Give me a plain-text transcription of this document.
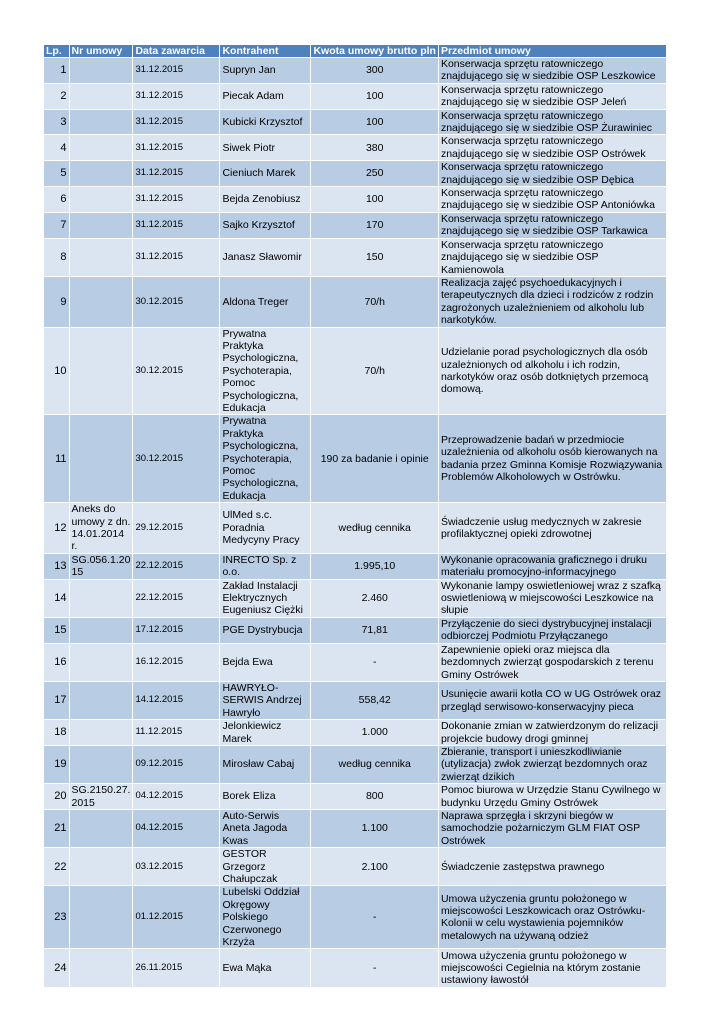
Lp.	Nr umowy	Data zawarcia	Kontrahent	Kwota umowy brutto pln	Przedmiot umowy
1		31.12.2015	Supryn Jan	300	Konserwacja sprzętu ratowniczego znajdującego się w siedzibie OSP Leszkowice
2		31.12.2015	Piecak Adam	100	Konserwacja sprzętu ratowniczego znajdującego się w siedzibie OSP Jeleń
3		31.12.2015	Kubicki Krzysztof	100	Konserwacja sprzętu ratowniczego znajdującego się w siedzibie OSP Żurawiniec
4		31.12.2015	Siwek Piotr	380	Konserwacja sprzętu ratowniczego znajdującego się w siedzibie OSP Ostrówek
5		31.12.2015	Cieniuch Marek	250	Konserwacja sprzętu ratowniczego znajdującego się w siedzibie OSP Dębica
6		31.12.2015	Bejda Zenobiusz	100	Konserwacja sprzętu ratowniczego znajdującego się w siedzibie OSP Antoniówka
7		31.12.2015	Sajko Krzysztof	170	Konserwacja sprzętu ratowniczego znajdującego się w siedzibie OSP Tarkawica
8		31.12.2015	Janasz Sławomir	150	Konserwacja sprzętu ratowniczego znajdującego się w siedzibie OSP Kamienowola
9		30.12.2015	Aldona Treger	70/h	Realizacja zajęć psychoedukacyjnych i terapeutycznych dla dzieci i rodziców z rodzin zagrożonych uzależnieniem od alkoholu lub narkotyków.
10		30.12.2015	Prywatna Praktyka Psychologiczna, Psychoterapia, Pomoc Psychologiczna, Edukacja	70/h	Udzielanie porad psychologicznych dla osób uzależnionych od alkoholu i ich rodzin, narkotyków oraz osób dotkniętych przemocą domową.
11		30.12.2015	Prywatna Praktyka Psychologiczna, Psychoterapia, Pomoc Psychologiczna, Edukacja	190 za badanie i opinie	Przeprowadzenie badań w przedmiocie uzależnienia od alkoholu osób kierowanych na badania przez Gminna Komisje Rozwiązywania Problemów Alkoholowych w Ostrówku.
12	Aneks do umowy z dn. 14.01.2014 r.	29.12.2015	UlMed s.c. Poradnia Medycyny Pracy	według cennika	Świadczenie usług medycznych w zakresie profilaktycznej opieki zdrowotnej
13	SG.056.1.20 15	22.12.2015	INRECTO Sp. z o.o.	1.995,10	Wykonanie opracowania graficznego i druku materiału promocyjno-informacyjnego
14		22.12.2015	Zakład Instalacji Elektrycznych Eugeniusz Ciężki	2.460	Wykonanie lampy oswietleniowej wraz z szafką oswietleniową w miejscowości Leszkowice na słupie
15		17.12.2015	PGE Dystrybucja	71,81	Przyłączenie do sieci dystrybucyjnej instalacji odbiorczej Podmiotu Przyłączanego
16		16.12.2015	Bejda Ewa	-	Zapewnienie opieki oraz miejsca dla bezdomnych zwierząt gospodarskich z terenu Gminy Ostrówek
17		14.12.2015	HAWRYŁO-SERWIS Andrzej Hawryło	558,42	Usunięcie awarii kotła CO w UG Ostrówek oraz przegląd serwisowo-konserwacyjny pieca
18		11.12.2015	Jelonkiewicz Marek	1.000	Dokonanie zmian w zatwierdzonym do relizacji projekcie budowy drogi gminnej
19		09.12.2015	Mirosław Cabaj	według cennika	Zbieranie, transport i unieszkodliwianie (utylizacja) zwłok zwierząt bezdomnych oraz zwierząt dzikich
20	SG.2150.27. 2015	04.12.2015	Borek Eliza	800	Pomoc biurowa w Urzędzie Stanu Cywilnego w budynku Urzędu Gminy Ostrówek
21		04.12.2015	Auto-Serwis Aneta Jagoda Kwas	1.100	Naprawa sprzęgła i skrzyni biegów w samochodzie pożarniczym GLM FIAT OSP Ostrówek
22		03.12.2015	GESTOR Grzegorz Chałupczak	2.100	Świadczenie zastępstwa prawnego
23		01.12.2015	Lubelski Oddział Okręgowy Polskiego Czerwonego Krzyża	-	Umowa użyczenia gruntu położonego w miejscowości Leszkowicach oraz Ostrówku-Kolonii w celu wystawienia pojemników metalowych na używaną odzież
24		26.11.2015	Ewa Mąka	-	Umowa użyczenia gruntu położonego w miejscowości Cegielnia na którym zostanie ustawiony ławostół
